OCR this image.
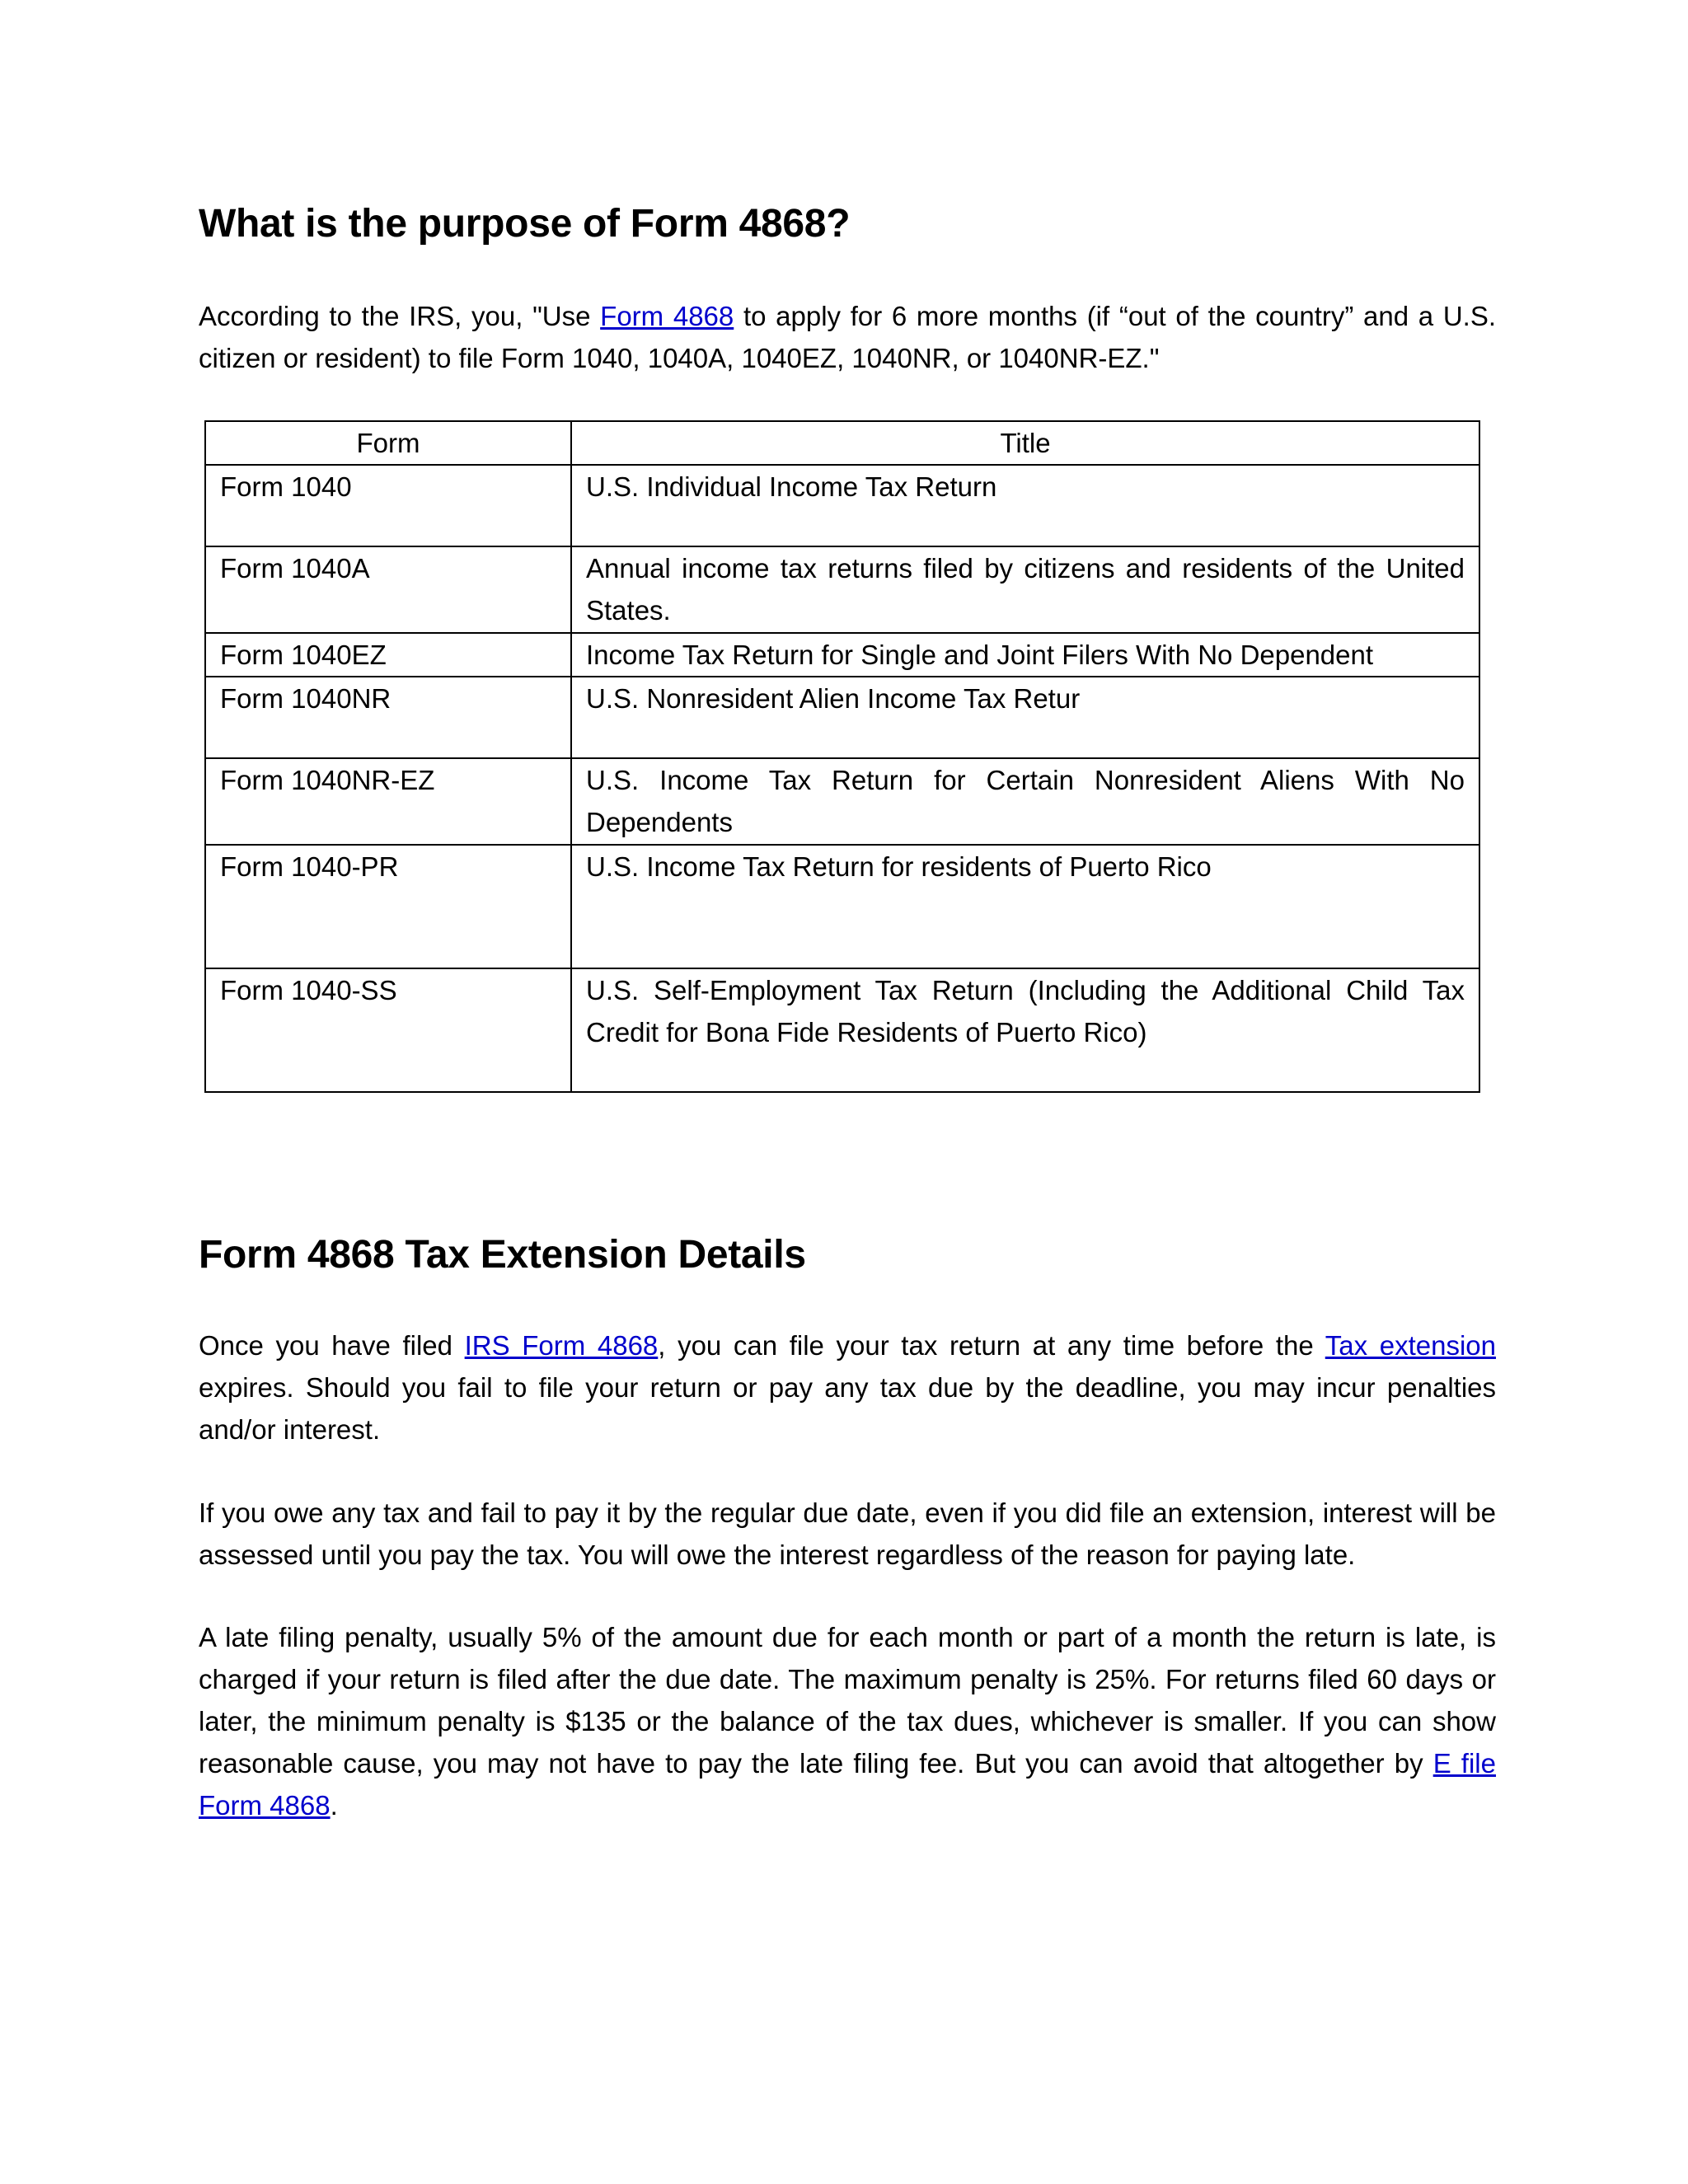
What is the purpose of Form 4868?

According to the IRS, you, "Use Form 4868 to apply for 6 more months (if “out of the country” and a U.S. citizen or resident) to file Form 1040, 1040A, 1040EZ, 1040NR, or 1040NR-EZ."

Form	Title
Form 1040	U.S. Individual Income Tax Return
Form 1040A	Annual income tax returns filed by citizens and residents of the United States.
Form 1040EZ	Income Tax Return for Single and Joint Filers With No Dependent
Form 1040NR	U.S. Nonresident Alien Income Tax Retur
Form 1040NR-EZ	U.S. Income Tax Return for Certain Nonresident Aliens With No Dependents
Form 1040-PR	U.S. Income Tax Return for residents of Puerto Rico
Form 1040-SS	U.S. Self-Employment Tax Return (Including the Additional Child Tax Credit for Bona Fide Residents of Puerto Rico)
Form 4868 Tax Extension Details

Once you have filed IRS Form 4868, you can file your tax return at any time before the Tax extension expires. Should you fail to file your return or pay any tax due by the deadline, you may incur penalties and/or interest.

If you owe any tax and fail to pay it by the regular due date, even if you did file an extension, interest will be assessed until you pay the tax. You will owe the interest regardless of the reason for paying late.

A late filing penalty, usually 5% of the amount due for each month or part of a month the return is late, is charged if your return is filed after the due date. The maximum penalty is 25%. For returns filed 60 days or later, the minimum penalty is $135 or the balance of the tax dues, whichever is smaller. If you can show reasonable cause, you may not have to pay the late filing fee. But you can avoid that altogether by E file Form 4868.
